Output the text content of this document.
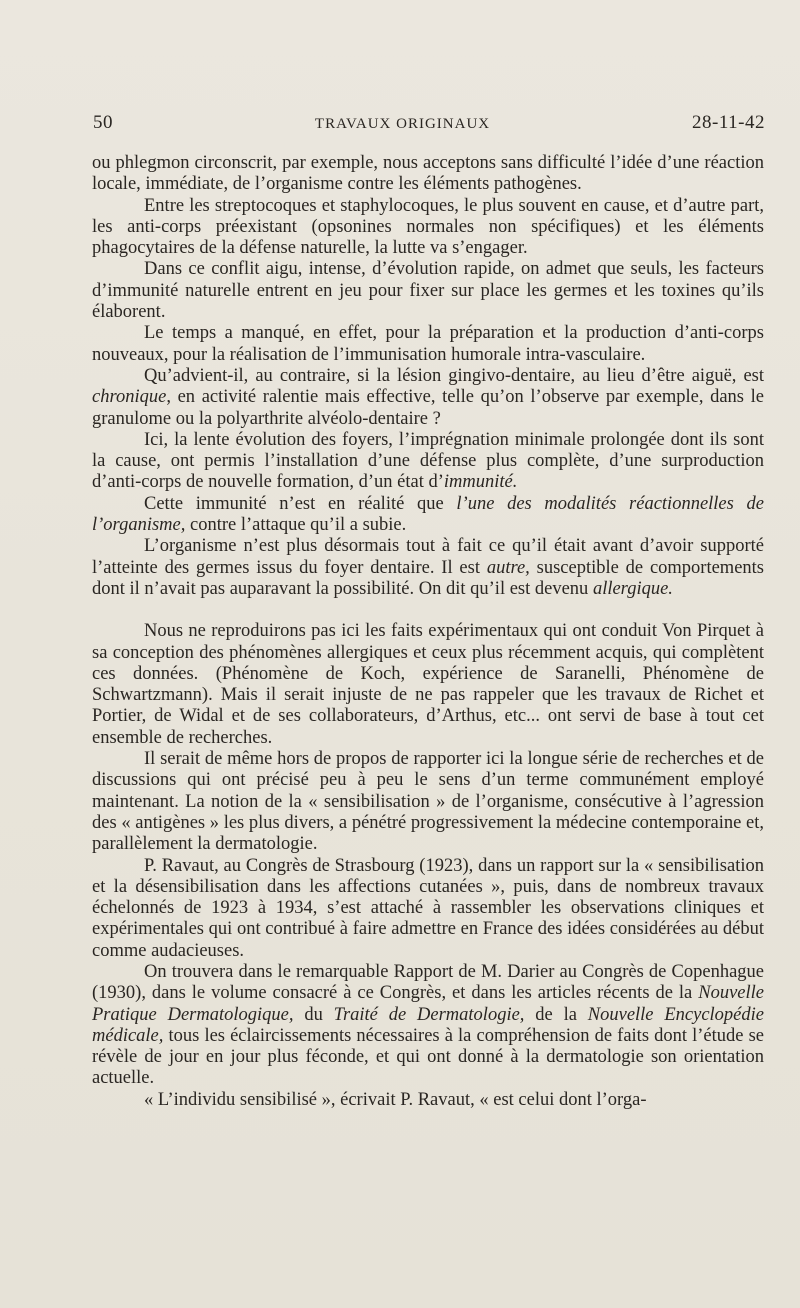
50	TRAVAUX ORIGINAUX	28-11-42

ou phlegmon circonscrit, par exemple, nous acceptons sans difficulté l’idée d’une réaction locale, immédiate, de l’organisme contre les éléments pathogènes.

Entre les streptocoques et staphylocoques, le plus souvent en cause, et d’autre part, les anti-corps préexistant (opsonines normales non spécifiques) et les éléments phagocytaires de la défense naturelle, la lutte va s’engager.

Dans ce conflit aigu, intense, d’évolution rapide, on admet que seuls, les facteurs d’immunité naturelle entrent en jeu pour fixer sur place les germes et les toxines qu’ils élaborent.

Le temps a manqué, en effet, pour la préparation et la production d’anti-corps nouveaux, pour la réalisation de l’immunisation humorale intra-vasculaire.

Qu’advient-il, au contraire, si la lésion gingivo-dentaire, au lieu d’être aiguë, est chronique, en activité ralentie mais effective, telle qu’on l’observe par exemple, dans le granulome ou la polyarthrite alvéolo-dentaire ?

Ici, la lente évolution des foyers, l’imprégnation minimale prolongée dont ils sont la cause, ont permis l’installation d’une défense plus complète, d’une surproduction d’anti-corps de nouvelle formation, d’un état d’immunité.

Cette immunité n’est en réalité que l’une des modalités réactionnelles de l’organisme, contre l’attaque qu’il a subie.

L’organisme n’est plus désormais tout à fait ce qu’il était avant d’avoir supporté l’atteinte des germes issus du foyer dentaire. Il est autre, susceptible de comportements dont il n’avait pas auparavant la possibilité. On dit qu’il est devenu allergique.

Nous ne reproduirons pas ici les faits expérimentaux qui ont conduit Von Pirquet à sa conception des phénomènes allergiques et ceux plus récemment acquis, qui complètent ces données. (Phénomène de Koch, expérience de Saranelli, Phénomène de Schwartzmann). Mais il serait injuste de ne pas rappeler que les travaux de Richet et Portier, de Widal et de ses collaborateurs, d’Arthus, etc... ont servi de base à tout cet ensemble de recherches.

Il serait de même hors de propos de rapporter ici la longue série de recherches et de discussions qui ont précisé peu à peu le sens d’un terme communément employé maintenant. La notion de la « sensibilisation » de l’organisme, consécutive à l’agression des « antigènes » les plus divers, a pénétré progressivement la médecine contemporaine et, parallèlement la dermatologie.

P. Ravaut, au Congrès de Strasbourg (1923), dans un rapport sur la « sensibilisation et la désensibilisation dans les affections cutanées », puis, dans de nombreux travaux échelonnés de 1923 à 1934, s’est attaché à rassembler les observations cliniques et expérimentales qui ont contribué à faire admettre en France des idées considérées au début comme audacieuses.

On trouvera dans le remarquable Rapport de M. Darier au Congrès de Copenhague (1930), dans le volume consacré à ce Congrès, et dans les articles récents de la Nouvelle Pratique Dermatologique, du Traité de Dermatologie, de la Nouvelle Encyclopédie médicale, tous les éclaircissements nécessaires à la compréhension de faits dont l’étude se révèle de jour en jour plus féconde, et qui ont donné à la dermatologie son orientation actuelle.

« L’individu sensibilisé », écrivait P. Ravaut, « est celui dont l’orga-
